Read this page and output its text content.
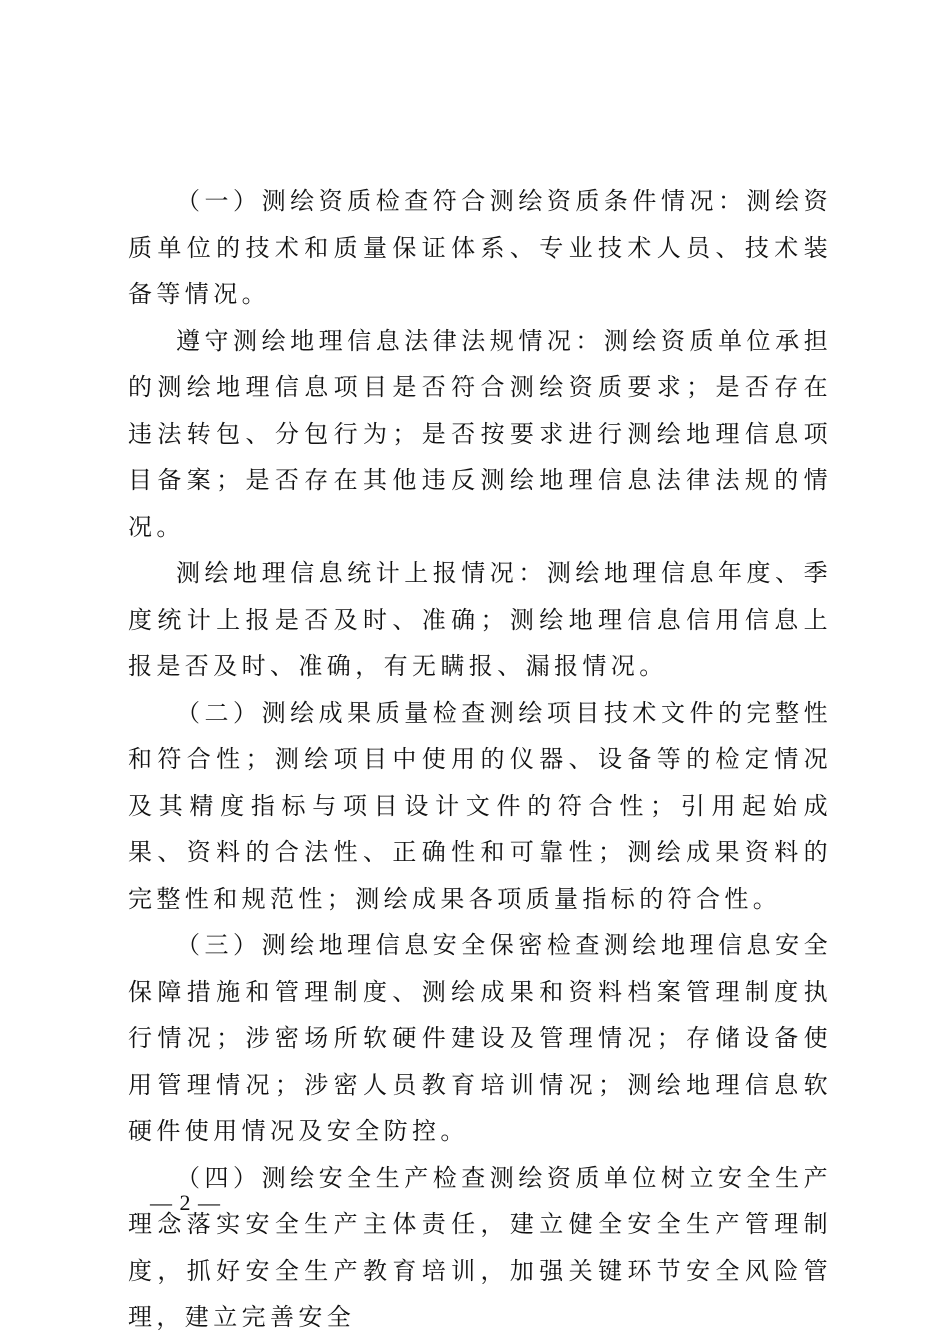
（一）测绘资质检查符合测绘资质条件情况：测绘资质单位的技术和质量保证体系、专业技术人员、技术装备等情况。

遵守测绘地理信息法律法规情况：测绘资质单位承担的测绘地理信息项目是否符合测绘资质要求；是否存在违法转包、分包行为；是否按要求进行测绘地理信息项目备案；是否存在其他违反测绘地理信息法律法规的情况。

测绘地理信息统计上报情况：测绘地理信息年度、季度统计上报是否及时、准确；测绘地理信息信用信息上报是否及时、准确，有无瞒报、漏报情况。

（二）测绘成果质量检查测绘项目技术文件的完整性和符合性；测绘项目中使用的仪器、设备等的检定情况及其精度指标与项目设计文件的符合性；引用起始成果、资料的合法性、正确性和可靠性；测绘成果资料的完整性和规范性；测绘成果各项质量指标的符合性。

（三）测绘地理信息安全保密检查测绘地理信息安全保障措施和管理制度、测绘成果和资料档案管理制度执行情况；涉密场所软硬件建设及管理情况；存储设备使用管理情况；涉密人员教育培训情况；测绘地理信息软硬件使用情况及安全防控。

（四）测绘安全生产检查测绘资质单位树立安全生产理念落实安全生产主体责任，建立健全安全生产管理制度，抓好安全生产教育培训，加强关键环节安全风险管理，建立完善安全

— 2 —
